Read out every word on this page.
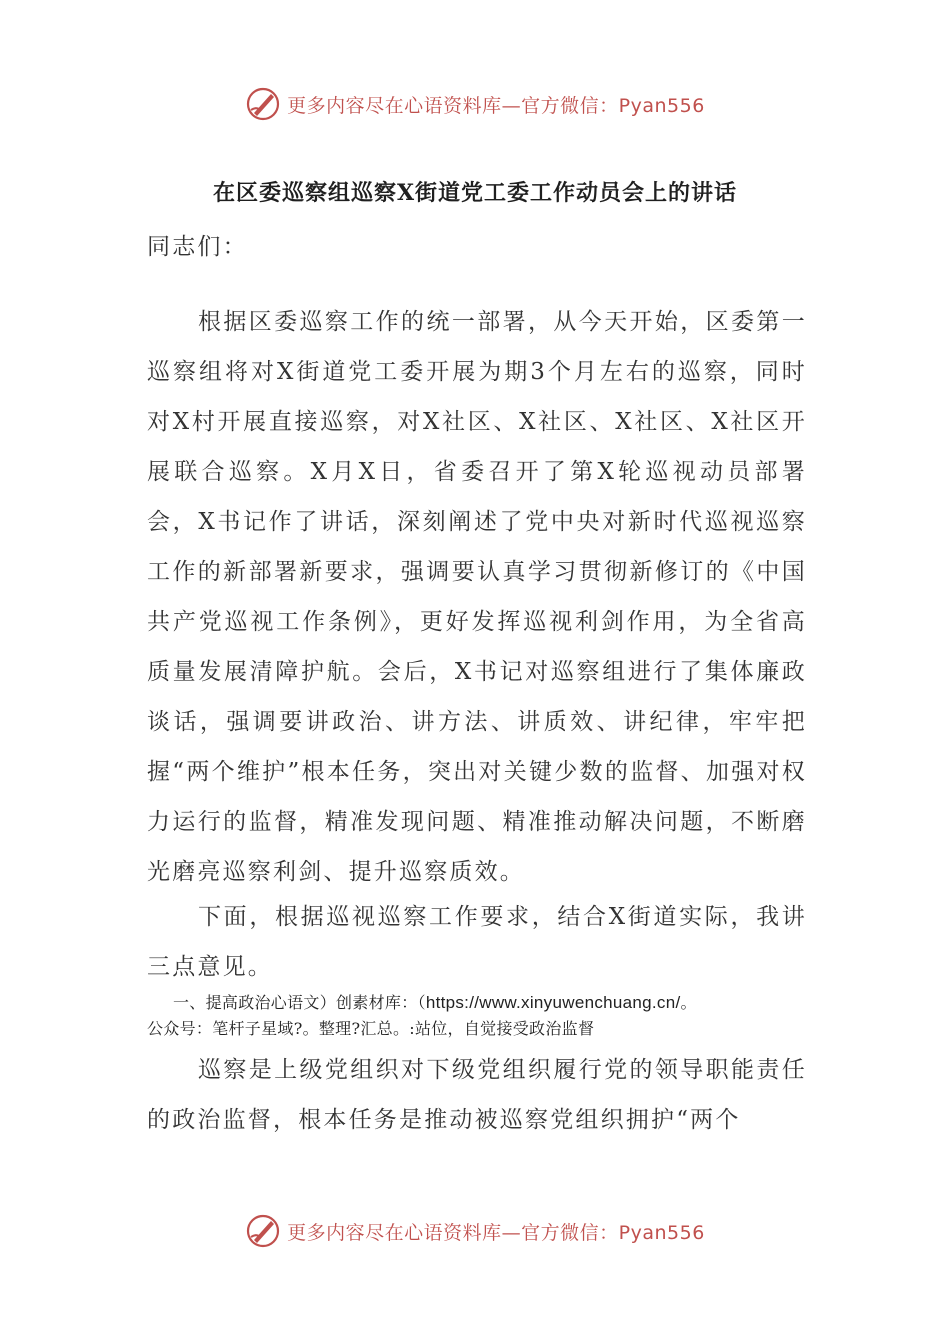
更多内容尽在心语资料库—官方微信：Pyan556
在区委巡察组巡察X街道党工委工作动员会上的讲话

同志们：

根据区委巡察工作的统一部署，从今天开始，区委第一巡察组将对X街道党工委开展为期3个月左右的巡察，同时对X村开展直接巡察，对X社区、X社区、X社区、X社区开展联合巡察。X月X日，省委召开了第X轮巡视动员部署会，X书记作了讲话，深刻阐述了党中央对新时代巡视巡察工作的新部署新要求，强调要认真学习贯彻新修订的《中国共产党巡视工作条例》，更好发挥巡视利剑作用，为全省高质量发展清障护航。会后，X书记对巡察组进行了集体廉政谈话，强调要讲政治、讲方法、讲质效、讲纪律，牢牢把握“两个维护”根本任务，突出对关键少数的监督、加强对权力运行的监督，精准发现问题、精准推动解决问题，不断磨光磨亮巡察利剑、提升巡察质效。

下面，根据巡视巡察工作要求，结合X街道实际，我讲三点意见。

一、提高政治心语文）创素材库：（https://www.xinyuwenchuang.cn/。
公众号：笔杆子星域?。整理?汇总。:站位，自觉接受政治监督

巡察是上级党组织对下级党组织履行党的领导职能责任的政治监督，根本任务是推动被巡察党组织拥护“两个

更多内容尽在心语资料库—官方微信：Pyan556
